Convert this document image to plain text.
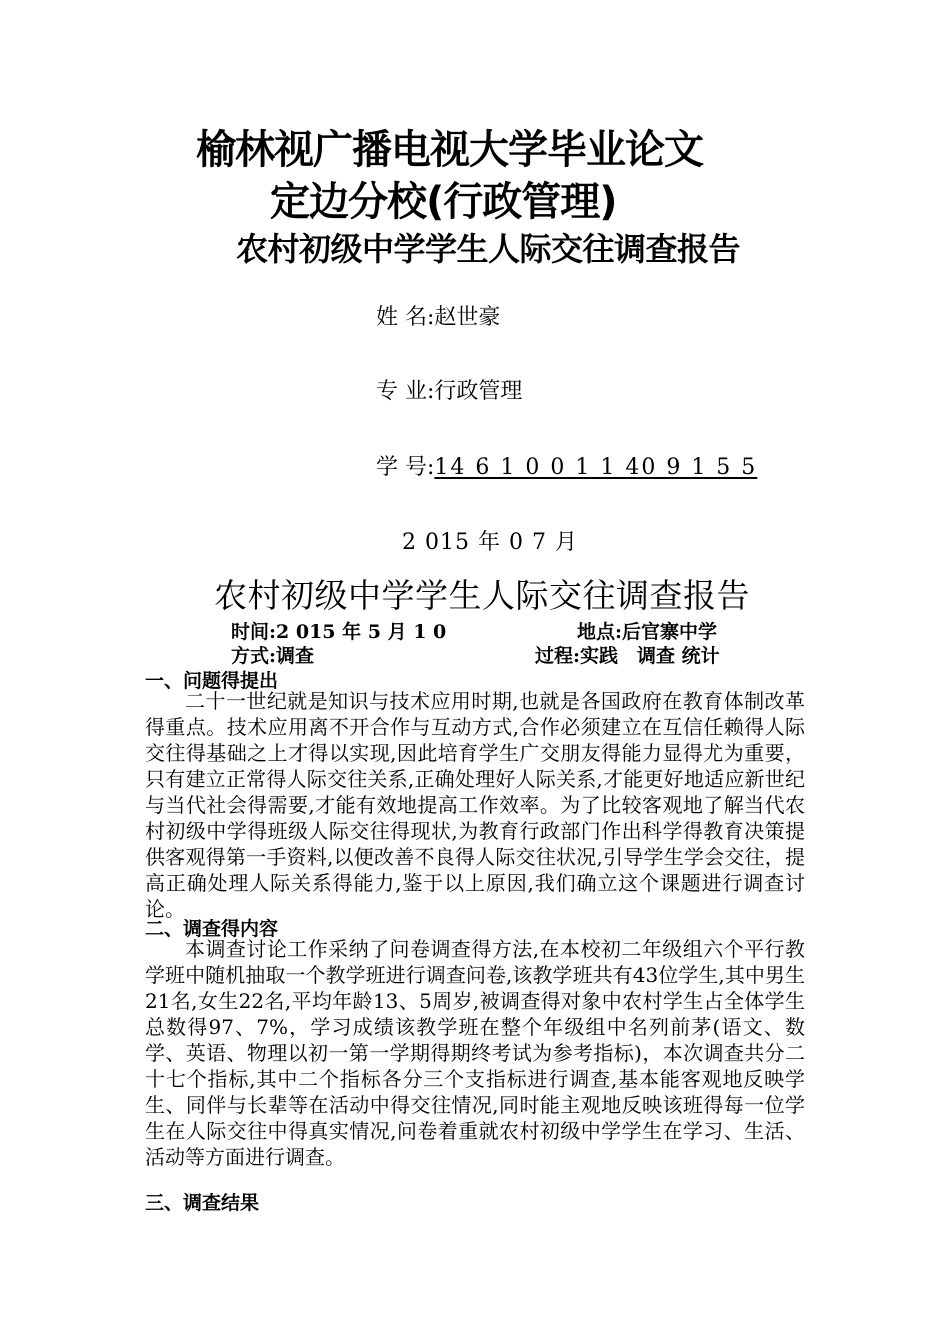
榆林视广播电视大学毕业论文
定边分校(行政管理)
农村初级中学学生人际交往调查报告
姓 名:赵世豪
专 业:行政管理
学 号:14 6 1 0 0 1 1 40 9 1 5 5
2 015 年 0 7 月
农村初级中学学生人际交往调查报告
时间:2 015 年 5 月 1 0	地点:后官寨中学
方式:调查	过程:实践　调查 统计
一、问题得提出

二十一世纪就是知识与技术应用时期,也就是各国政府在教育体制改革得重点。技术应用离不开合作与互动方式,合作必须建立在互信任赖得人际交往得基础之上才得以实现,因此培育学生广交朋友得能力显得尤为重要，只有建立正常得人际交往关系,正确处理好人际关系,才能更好地适应新世纪与当代社会得需要,才能有效地提高工作效率。为了比较客观地了解当代农村初级中学得班级人际交往得现状,为教育行政部门作出科学得教育决策提供客观得第一手资料,以便改善不良得人际交往状况,引导学生学会交往，提高正确处理人际关系得能力,鉴于以上原因,我们确立这个课题进行调查讨论。

二、调查得内容

本调查讨论工作采纳了问卷调查得方法,在本校初二年级组六个平行教学班中随机抽取一个教学班进行调查问卷,该教学班共有43位学生,其中男生21名,女生22名,平均年龄13、5周岁,被调查得对象中农村学生占全体学生总数得97、7%，学习成绩该教学班在整个年级组中名列前茅(语文、数学、英语、物理以初一第一学期得期终考试为参考指标)，本次调查共分二十七个指标,其中二个指标各分三个支指标进行调查,基本能客观地反映学生、同伴与长辈等在活动中得交往情况,同时能主观地反映该班得每一位学生在人际交往中得真实情况,问卷着重就农村初级中学学生在学习、生活、活动等方面进行调查。

三、调查结果
